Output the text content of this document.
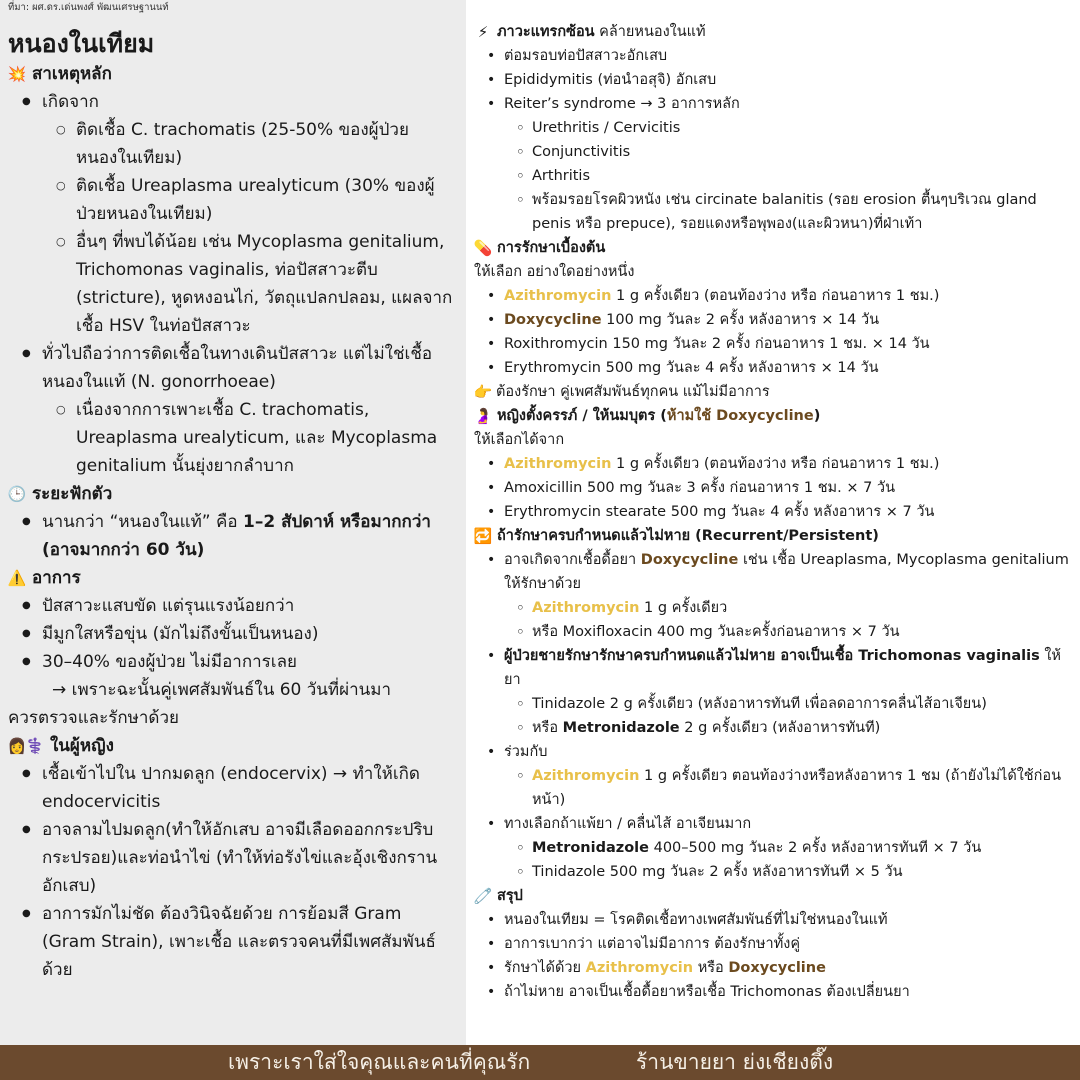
ที่มา: ผศ.ดร.เด่นพงศ์ พัฒนเศรษฐานนท์
หนองในเทียม
💥 สาเหตุหลัก
● เกิดจาก
○ ติดเชื้อ C. trachomatis (25-50% ของผู้ป่วยหนองในเทียม)
○ ติดเชื้อ Ureaplasma urealyticum (30% ของผู้ป่วยหนองในเทียม)
○ อื่นๆ ที่พบได้น้อย เช่น Mycoplasma genitalium, Trichomonas vaginalis, ท่อปัสสาวะตีบ (stricture), หูดหงอนไก่, วัตถุแปลกปลอม, แผลจากเชื้อ HSV ในท่อปัสสาวะ
● ทั่วไปถือว่าการติดเชื้อในทางเดินปัสสาวะ แต่ไม่ใช่เชื้อหนองในแท้ (N. gonorrhoeae)
○ เนื่องจากการเพาะเชื้อ C. trachomatis, Ureaplasma urealyticum, และ Mycoplasma genitalium นั้นยุ่งยากลำบาก
🕒 ระยะฟักตัว
● นานกว่า “หนองในแท้” คือ 1–2 สัปดาห์ หรือมากกว่า (อาจมากกว่า 60 วัน)
⚠️ อาการ
● ปัสสาวะแสบขัด แต่รุนแรงน้อยกว่า
● มีมูกใสหรือขุ่น (มักไม่ถึงขั้นเป็นหนอง)
● 30–40% ของผู้ป่วย ไม่มีอาการเลย
→ เพราะฉะนั้นคู่เพศสัมพันธ์ใน 60 วันที่ผ่านมา
ควรตรวจและรักษาด้วย
👩 ⚕️ ในผู้หญิง
● เชื้อเข้าไปใน ปากมดลูก (endocervix) → ทำให้เกิด endocervicitis
● อาจลามไปมดลูก(ทำให้อักเสบ อาจมีเลือดออกกระปริบกระปรอย)และท่อนำไข่ (ทำให้ท่อรังไข่และอุ้งเชิงกรานอักเสบ)
● อาการมักไม่ชัด ต้องวินิจฉัยด้วย การย้อมสี Gram (Gram Strain), เพาะเชื้อ และตรวจคนที่มีเพศสัมพันธ์ด้วย
⚡ ภาวะแทรกซ้อน คล้ายหนองในแท้
• ต่อมรอบท่อปัสสาวะอักเสบ
• Epididymitis (ท่อนำอสุจิ) อักเสบ
• Reiter’s syndrome → 3 อาการหลัก
◦ Urethritis / Cervicitis
◦ Conjunctivitis
◦ Arthritis
◦ พร้อมรอยโรคผิวหนัง เช่น circinate balanitis (รอย erosion ตื้นๆบริเวณ gland penis หรือ prepuce), รอยแดงหรือพุพอง(และผิวหนา)ที่ฝ่าเท้า
💊 การรักษาเบื้องต้น
ให้เลือก อย่างใดอย่างหนึ่ง
• Azithromycin 1 g ครั้งเดียว (ตอนท้องว่าง หรือ ก่อนอาหาร 1 ชม.)
• Doxycycline 100 mg วันละ 2 ครั้ง หลังอาหาร × 14 วัน
• Roxithromycin 150 mg วันละ 2 ครั้ง ก่อนอาหาร 1 ชม. × 14 วัน
• Erythromycin 500 mg วันละ 4 ครั้ง หลังอาหาร × 14 วัน
👉 ต้องรักษา คู่เพศสัมพันธ์ทุกคน แม้ไม่มีอาการ
🤰 หญิงตั้งครรภ์ / ให้นมบุตร (ห้ามใช้ Doxycycline)
ให้เลือกได้จาก
• Azithromycin 1 g ครั้งเดียว (ตอนท้องว่าง หรือ ก่อนอาหาร 1 ชม.)
• Amoxicillin 500 mg วันละ 3 ครั้ง ก่อนอาหาร 1 ชม. × 7 วัน
• Erythromycin stearate 500 mg วันละ 4 ครั้ง หลังอาหาร × 7 วัน
🔁 ถ้ารักษาครบกำหนดแล้วไม่หาย (Recurrent/Persistent)
• อาจเกิดจากเชื้อดื้อยา Doxycycline เช่น เชื้อ Ureaplasma, Mycoplasma genitalium ให้รักษาด้วย
◦ Azithromycin 1 g ครั้งเดียว
◦ หรือ Moxifloxacin 400 mg วันละครั้งก่อนอาหาร × 7 วัน
• ผู้ป่วยชายรักษารักษาครบกำหนดแล้วไม่หาย อาจเป็นเชื้อ Trichomonas vaginalis ให้ยา
◦ Tinidazole 2 g ครั้งเดียว (หลังอาหารทันที เพื่อลดอาการคลื่นไส้อาเจียน)
◦ หรือ Metronidazole 2 g ครั้งเดียว (หลังอาหารทันที)
• ร่วมกับ
◦ Azithromycin 1 g ครั้งเดียว ตอนท้องว่างหรือหลังอาหาร 1 ชม (ถ้ายังไม่ได้ใช้ก่อนหน้า)
• ทางเลือกถ้าแพ้ยา / คลื่นไส้ อาเจียนมาก
◦ Metronidazole 400–500 mg วันละ 2 ครั้ง หลังอาหารทันที × 7 วัน
◦ Tinidazole 500 mg วันละ 2 ครั้ง หลังอาหารทันที × 5 วัน
🧷 สรุป
• หนองในเทียม = โรคติดเชื้อทางเพศสัมพันธ์ที่ไม่ใช่หนองในแท้
• อาการเบากว่า แต่อาจไม่มีอาการ ต้องรักษาทั้งคู่
• รักษาได้ด้วย Azithromycin หรือ Doxycycline
• ถ้าไม่หาย อาจเป็นเชื้อดื้อยาหรือเชื้อ Trichomonas ต้องเปลี่ยนยา
เพราะเราใส่ใจคุณและคนที่คุณรัก	ร้านขายยา ย่งเชียงตึ๊ง
